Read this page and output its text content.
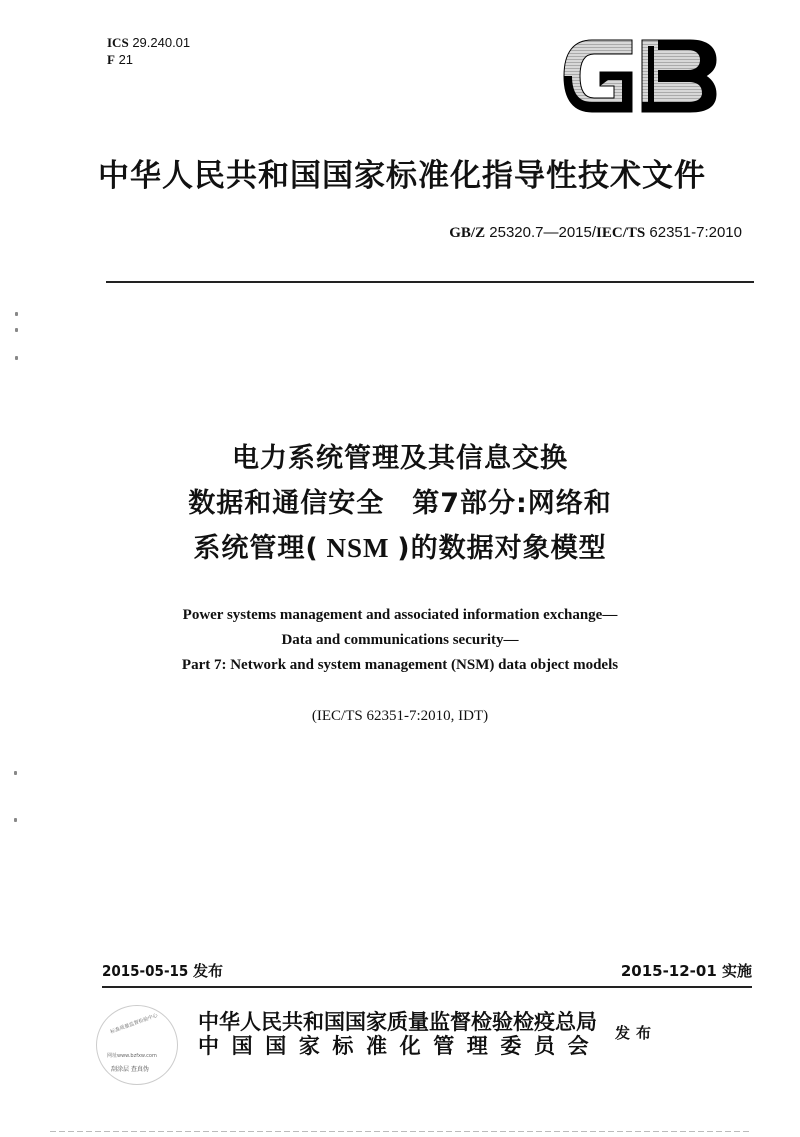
ICS 29.240.01
F 21
中华人民共和国国家标准化指导性技术文件
GB/Z 25320.7—2015/IEC/TS 62351-7:2010
电力系统管理及其信息交换
数据和通信安全　第7部分:网络和
系统管理( NSM )的数据对象模型
Power systems management and associated information exchange—
Data and communications security—
Part 7: Network and system management (NSM) data object models
(IEC/TS 62351-7:2010, IDT)
2015-05-15 发布	2015-12-01 实施
标准质量监督检验中心
网址www.bzfxw.com
刮涂层 查真伪
中华人民共和国国家质量监督检验检疫总局
中国国家标准化管理委员会
发布
